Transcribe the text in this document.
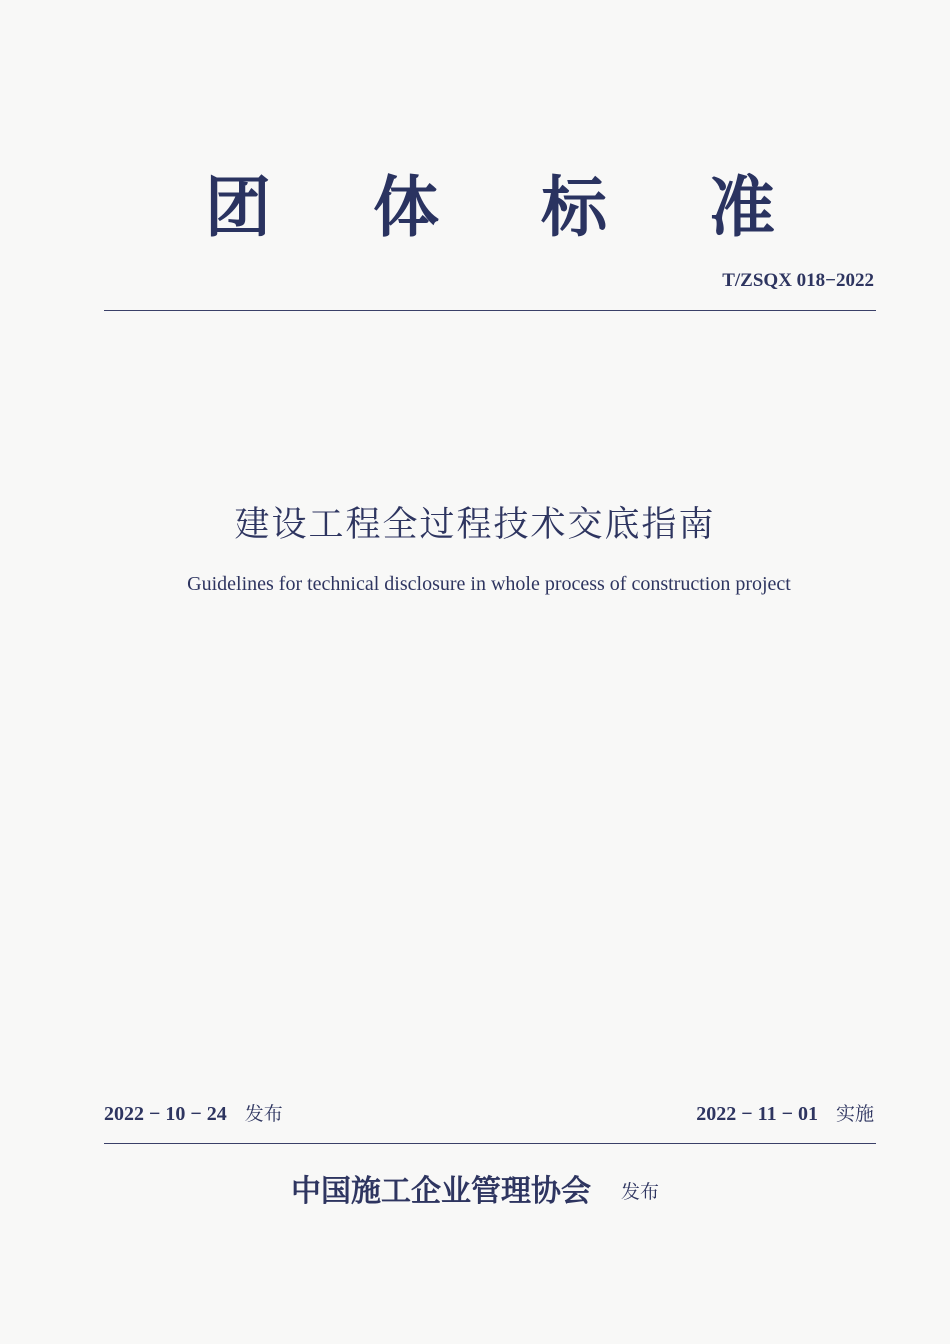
团体标准
T/ZSQX 018−2022
建设工程全过程技术交底指南
Guidelines for technical disclosure in whole process of construction project
2022 − 10 − 24 发布	2022 − 11 − 01 实施
中国施工企业管理协会 发布
